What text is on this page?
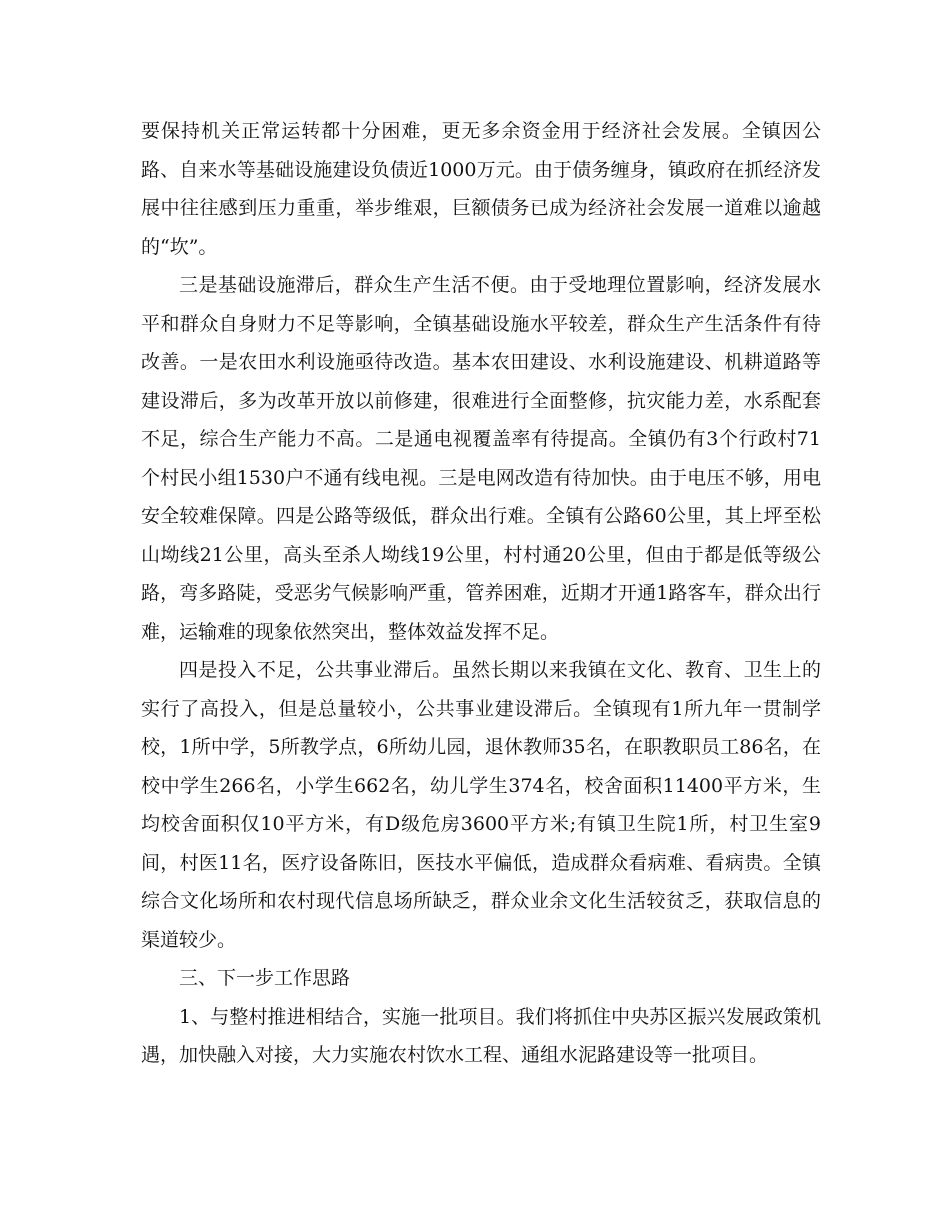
要保持机关正常运转都十分困难，更无多余资金用于经济社会发展。全镇因公路、自来水等基础设施建设负债近1000万元。由于债务缠身，镇政府在抓经济发展中往往感到压力重重，举步维艰，巨额债务已成为经济社会发展一道难以逾越的“坎”。

三是基础设施滞后，群众生产生活不便。由于受地理位置影响，经济发展水平和群众自身财力不足等影响，全镇基础设施水平较差，群众生产生活条件有待改善。一是农田水利设施亟待改造。基本农田建设、水利设施建设、机耕道路等建设滞后，多为改革开放以前修建，很难进行全面整修，抗灾能力差，水系配套不足，综合生产能力不高。二是通电视覆盖率有待提高。全镇仍有3个行政村71个村民小组1530户不通有线电视。三是电网改造有待加快。由于电压不够，用电安全较难保障。四是公路等级低，群众出行难。全镇有公路60公里，其上坪至松山坳线21公里，高头至杀人坳线19公里，村村通20公里，但由于都是低等级公路，弯多路陡，受恶劣气候影响严重，管养困难，近期才开通1路客车，群众出行难，运输难的现象依然突出，整体效益发挥不足。

四是投入不足，公共事业滞后。虽然长期以来我镇在文化、教育、卫生上的实行了高投入，但是总量较小，公共事业建设滞后。全镇现有1所九年一贯制学校，1所中学，5所教学点，6所幼儿园，退休教师35名，在职教职员工86名，在校中学生266名，小学生662名，幼儿学生374名，校舍面积11400平方米，生均校舍面积仅10平方米，有D级危房3600平方米;有镇卫生院1所，村卫生室9间，村医11名，医疗设备陈旧，医技水平偏低，造成群众看病难、看病贵。全镇综合文化场所和农村现代信息场所缺乏，群众业余文化生活较贫乏，获取信息的渠道较少。

三、下一步工作思路

1、与整村推进相结合，实施一批项目。我们将抓住中央苏区振兴发展政策机遇，加快融入对接，大力实施农村饮水工程、通组水泥路建设等一批项目。
